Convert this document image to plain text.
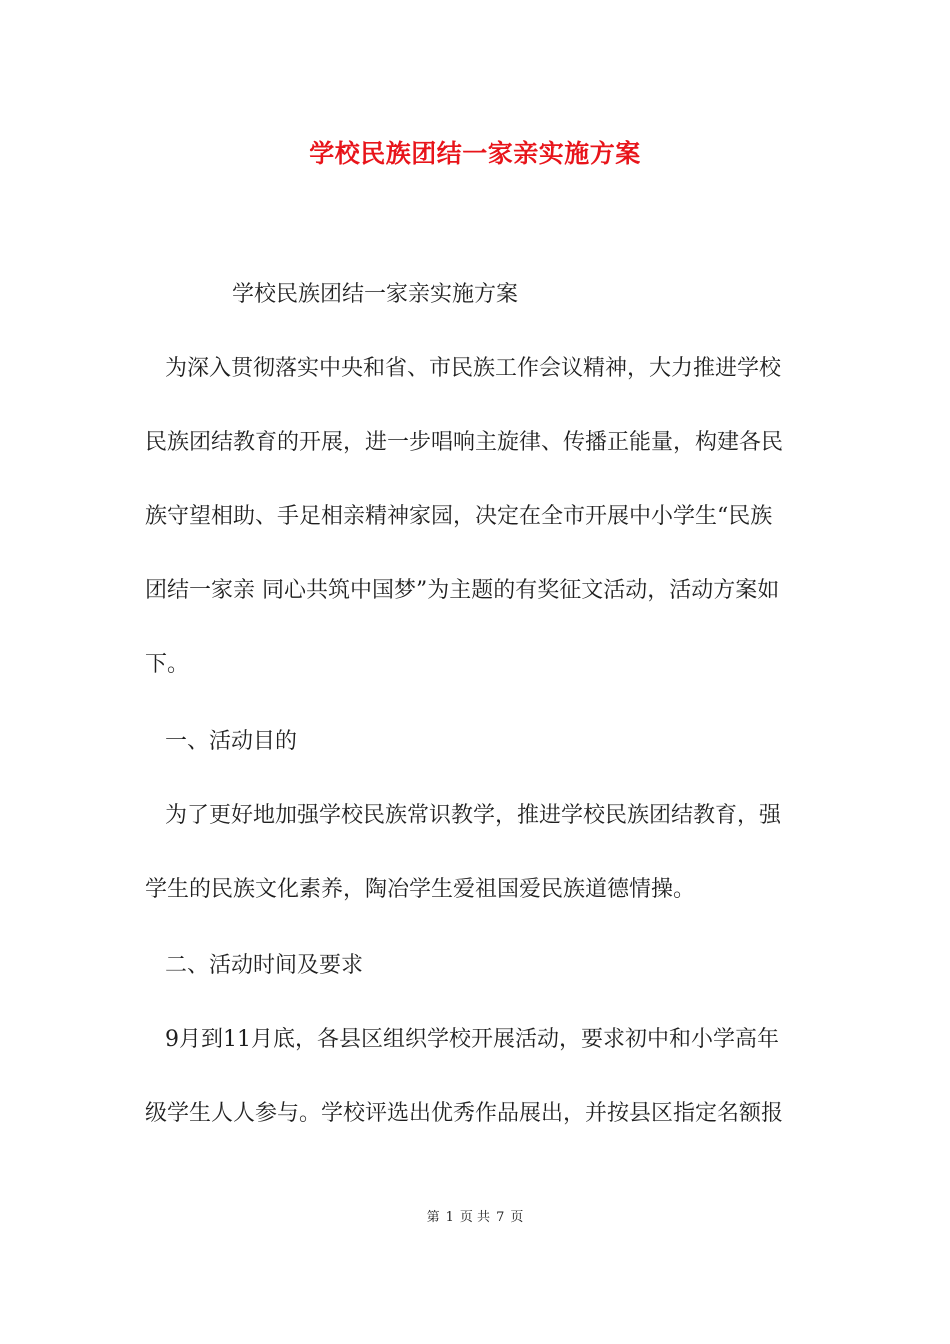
学校民族团结一家亲实施方案

学校民族团结一家亲实施方案

为深入贯彻落实中央和省、市民族工作会议精神，大力推进学校

民族团结教育的开展，进一步唱响主旋律、传播正能量，构建各民

族守望相助、手足相亲精神家园，决定在全市开展中小学生“民族

团结一家亲 同心共筑中国梦”为主题的有奖征文活动，活动方案如

下。

一、活动目的

为了更好地加强学校民族常识教学，推进学校民族团结教育，强

学生的民族文化素养，陶冶学生爱祖国爱民族道德情操。

二、活动时间及要求

9月到11月底，各县区组织学校开展活动，要求初中和小学高年

级学生人人参与。学校评选出优秀作品展出，并按县区指定名额报

第 1 页 共 7 页
